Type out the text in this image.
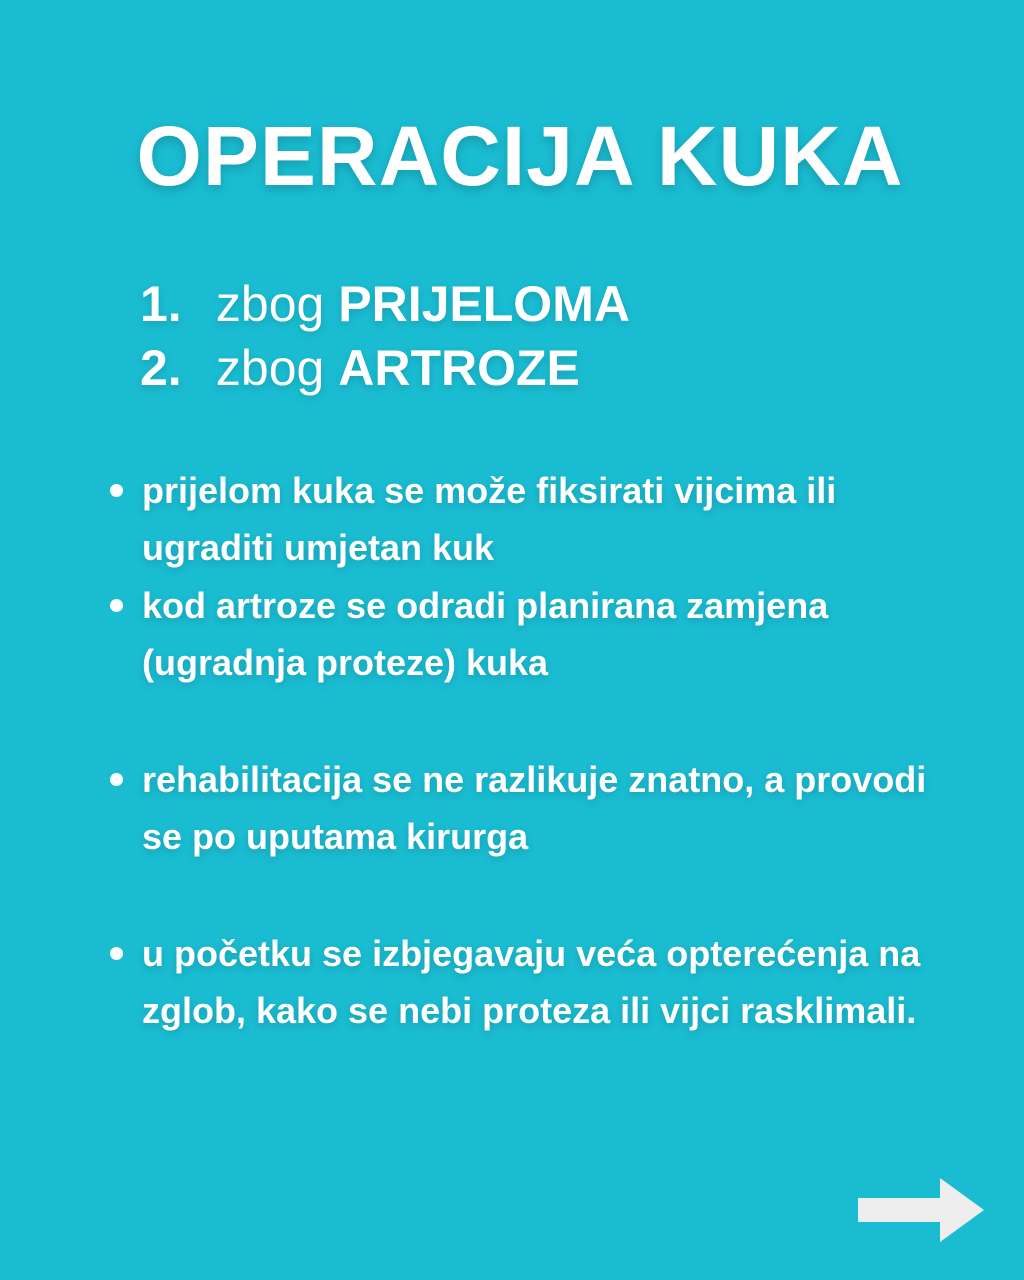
OPERACIJA KUKA
1. zbog PRIJELOMA
2. zbog ARTROZE
prijelom kuka se može fiksirati vijcima ili ugraditi umjetan kuk
kod artroze se odradi planirana zamjena (ugradnja proteze) kuka
rehabilitacija se ne razlikuje znatno, a provodi se po uputama kirurga
u početku se izbjegavaju veća opterećenja na zglob, kako se nebi proteza ili vijci rasklimali.
